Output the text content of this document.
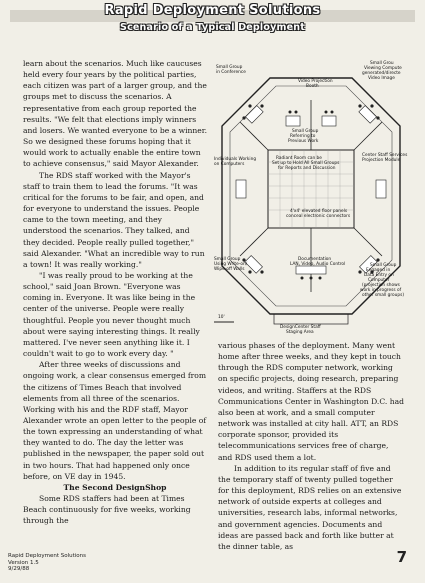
Rapid Deployment Solutions
Scenario of a Typical Deployment

learn about the scenarios. Much like caucuses held every four years by the political parties, each citizen was part of a larger group, and the groups met to discuss the scenarios. A representative from each group reported the results. "We felt that elections imply winners and losers. We wanted everyone to be a winner. So we designed these forums hoping that it would work to actually enable the entire town to achieve consensus," said Mayor Alexander.

The RDS staff worked with the Mayor's staff to train them to lead the forums. "It was critical for the forums to be fair, and open, and for everyone to understand the issues. People came to the town meeting, and they understood the scenarios. They talked, and they decided. People really pulled together," said Alexander. "What an incredible way to run a town! It was really working."

"I was really proud to be working at the school," said Joan Brown. "Everyone was coming in. Everyone. It was like being in the center of the universe. People were really thoughtful. People you never thought much about were saying interesting things. It really mattered. I've never seen anything like it. I couldn't wait to go to work every day. "

After three weeks of discussions and ongoing work, a clear consensus emerged from the citizens of Times Beach that involved elements from all three of the scenarios. Working with his and the RDF staff, Mayor Alexander wrote an open letter to the people of the town expressing an understanding of what they wanted to do. The day the letter was published in the newspaper, the paper sold out in two hours. That had happened only once before, on VE day in 1945.

The Second DesignShop

Some RDS staffers had been at Times Beach continuously for five weeks, working through the

Small Group in Conference
Small Grou Viewing Compute generated/directe Video Image
Video Projection Booth
Small Group Referring to Previous Work
Individuals Working on Computers
Radiant Room can be Set up to Hold All Small Groups for Reports and Discussion
Center Staff Services Projection Module
4'x4' elevated floor panels conceal electronic connectors
Small Group Using Write-on/ Wipe-off Walls
Documentation LAN, Video, Audio Control	Small Group Engaged in Data Entry on Computer (projection shows work in progress of other small groups)
DesignCenter Staff Staging Area
10'

various phases of the deployment. Many went home after three weeks, and they kept in touch through the RDS computer network, working on specific projects, doing research, preparing videos, and writing. Staffers at the RDS Communications Center in Washington D.C. had also been at work, and a small computer network was installed at city hall. ATT, an RDS corporate sponsor, provided its telecommunications services free of charge, and RDS used them a lot.

In addition to its regular staff of five and the temporary staff of twenty pulled together for this deployment, RDS relies on an extensive network of outside experts at colleges and universities, research labs, informal networks, and government agencies. Documents and ideas are passed back and forth like butter at the dinner table, as

Rapid Deployment Solutions
Version 1.5
9/29/88
7
